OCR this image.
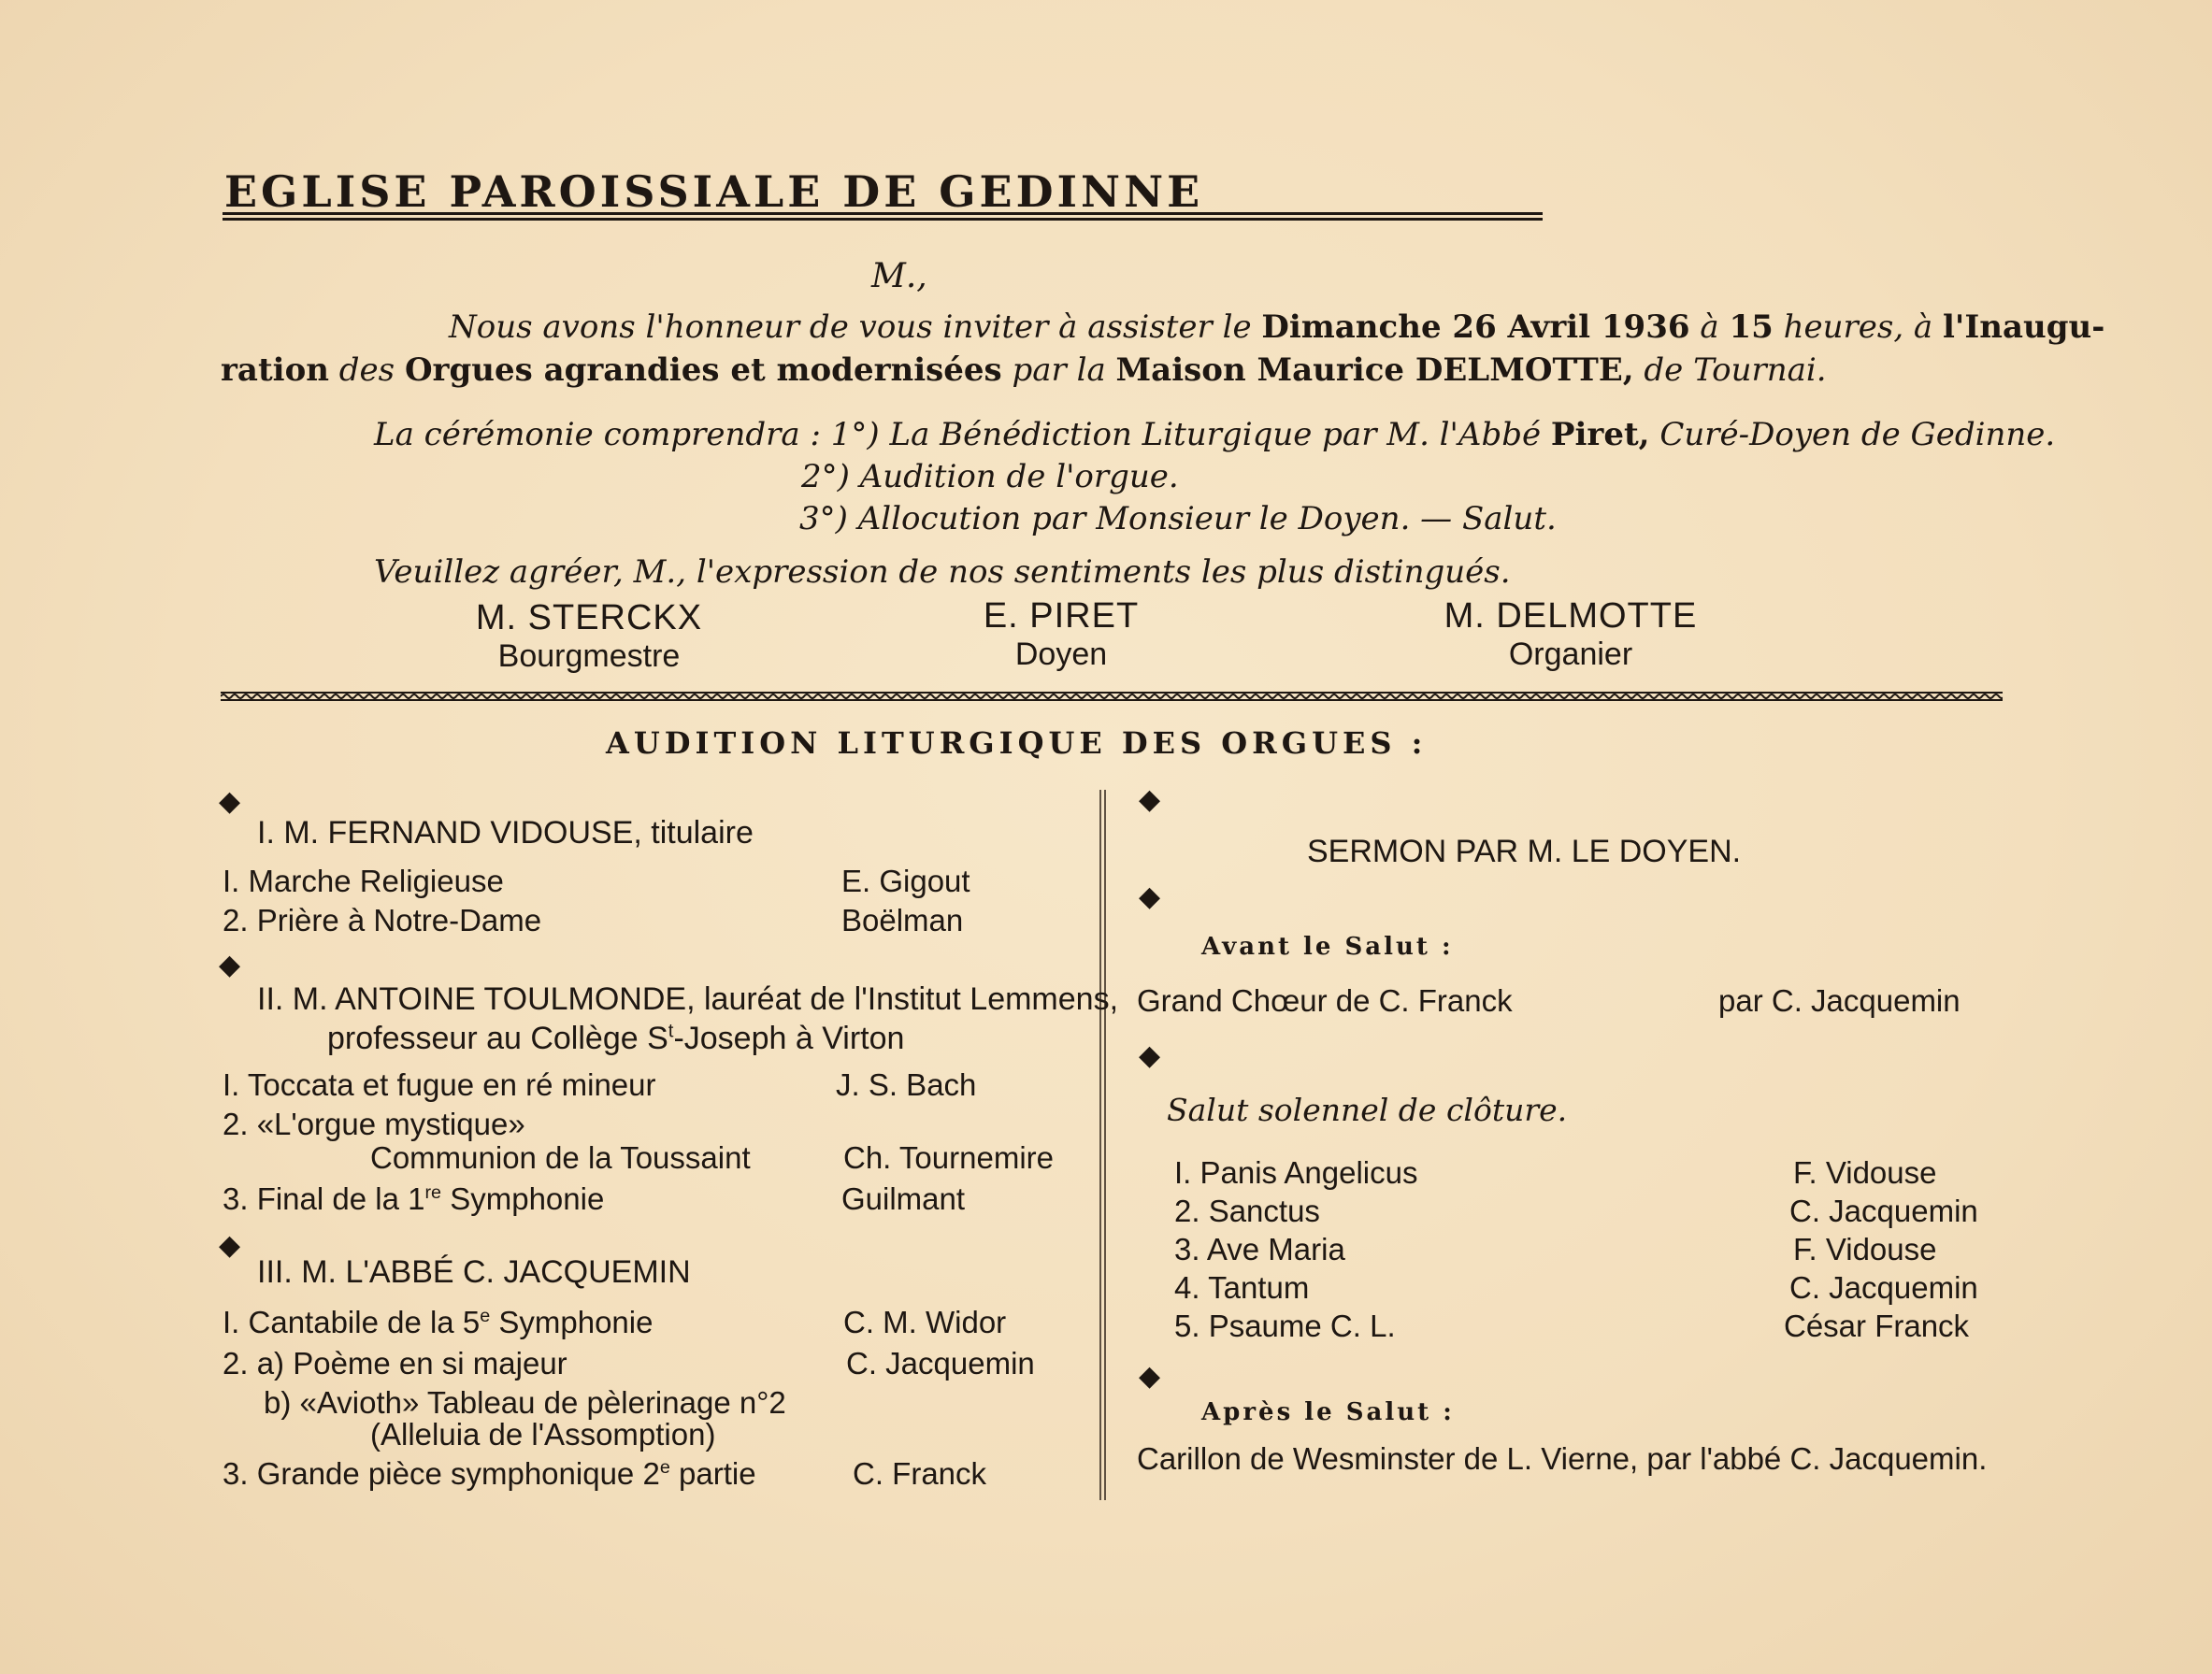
EGLISE PAROISSIALE DE GEDINNE
M.,
Nous avons l'honneur de vous inviter à assister le Dimanche 26 Avril 1936 à 15 heures, à l'Inaugu-
ration des Orgues agrandies et modernisées par la Maison Maurice DELMOTTE, de Tournai.
La cérémonie comprendra : 1°) La Bénédiction Liturgique par M. l'Abbé Piret, Curé-Doyen de Gedinne.
2°) Audition de l'orgue.
3°) Allocution par Monsieur le Doyen. — Salut.
Veuillez agréer, M., l'expression de nos sentiments les plus distingués.
M. STERCKX
Bourgmestre
E. PIRET
Doyen
M. DELMOTTE
Organier
AUDITION LITURGIQUE DES ORGUES :
◆
I. M. FERNAND VIDOUSE, titulaire
I. Marche Religieuse	E. Gigout
2. Prière à Notre-Dame	Boëlman
◆
II. M. ANTOINE TOULMONDE, lauréat de l'Institut Lemmens,
professeur au Collège $S^t$-Joseph à Virton
I. Toccata et fugue en ré mineur	J. S. Bach
2. «L'orgue mystique»
Communion de la Toussaint	Ch. Tournemire
3. Final de la 1re Symphonie	Guilmant
◆
III. M. L'ABBÉ C. JACQUEMIN
I. Cantabile de la 5e Symphonie	C. M. Widor
2. a) Poème en si majeur	C. Jacquemin
b) «Avioth» Tableau de pèlerinage n°2
(Alleluia de l'Assomption)
3. Grande pièce symphonique 2e partie	C. Franck
◆
SERMON PAR M. LE DOYEN.
◆
Avant le Salut :
Grand Chœur de C. Franck	par C. Jacquemin
◆
Salut solennel de clôture.
I. Panis Angelicus	F. Vidouse
2. Sanctus	C. Jacquemin
3. Ave Maria	F. Vidouse
4. Tantum	C. Jacquemin
5. Psaume C. L.	César Franck
◆
Après le Salut :
Carillon de Wesminster de L. Vierne, par l'abbé C. Jacquemin.
